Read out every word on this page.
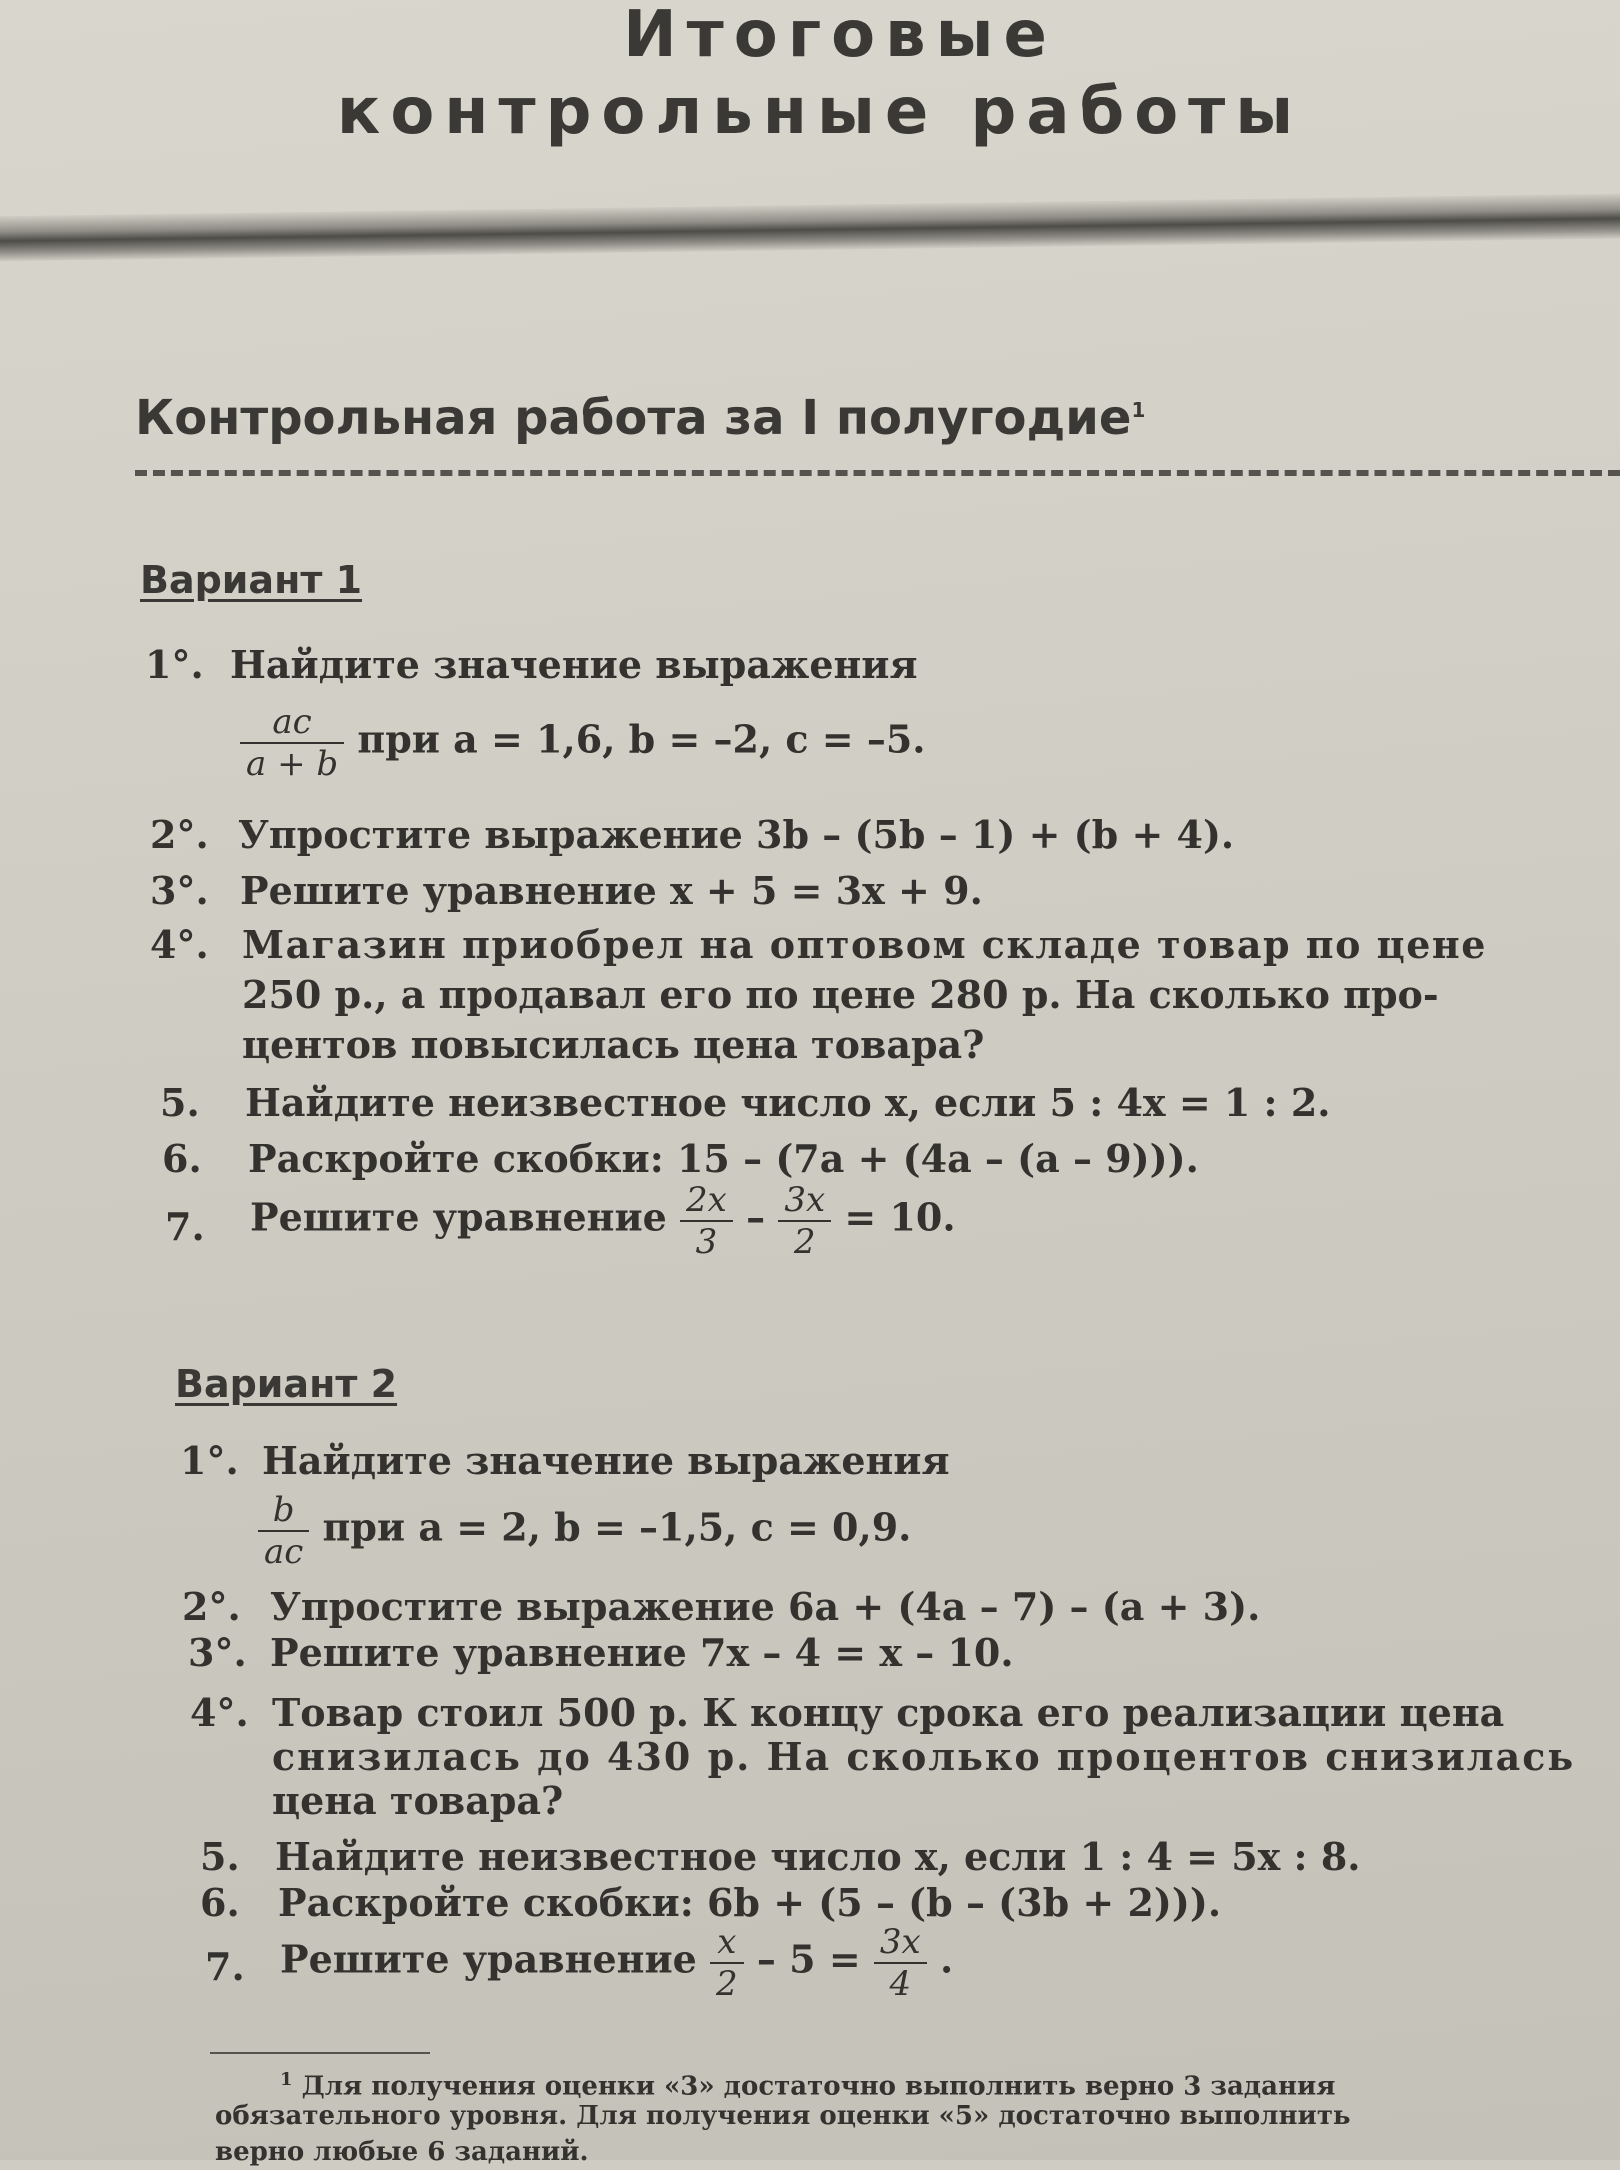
Итоговые
контрольные работы
Контрольная работа за I полугодие$^1$
Вариант 1
1°. Найдите значение выражения
$\frac{ac}{a + b}$ при a = 1,6, b = –2, c = –5.
2°. Упростите выражение 3b – (5b – 1) + (b + 4).
3°. Решите уравнение x + 5 = 3x + 9.
4°. Магазин приобрел на оптовом складе товар по цене
250 р., а продавал его по цене 280 р. На сколько про-
центов повысилась цена товара?
5. Найдите неизвестное число x, если 5 : 4x = 1 : 2.
6. Раскройте скобки: 15 – (7a + (4a – (a – 9))).
7. Решите уравнение $\frac{2x}{3} - \frac{3x}{2} = 10$.
Вариант 2
1°. Найдите значение выражения
$\frac{b}{ac}$ при a = 2, b = –1,5, c = 0,9.
2°. Упростите выражение 6a + (4a – 7) – (a + 3).
3°. Решите уравнение 7x – 4 = x – 10.
4°. Товар стоил 500 р. К концу срока его реализации цена
снизилась до 430 р. На сколько процентов снизилась
цена товара?
5. Найдите неизвестное число x, если 1 : 4 = 5x : 8.
6. Раскройте скобки: 6b + (5 – (b – (3b + 2))).
7. Решите уравнение $\frac{x}{2} - 5 = \frac{3x}{4}$ .
$^1$ Для получения оценки «3» достаточно выполнить верно 3 задания
обязательного уровня. Для получения оценки «5» достаточно выполнить
верно любые 6 заданий.
